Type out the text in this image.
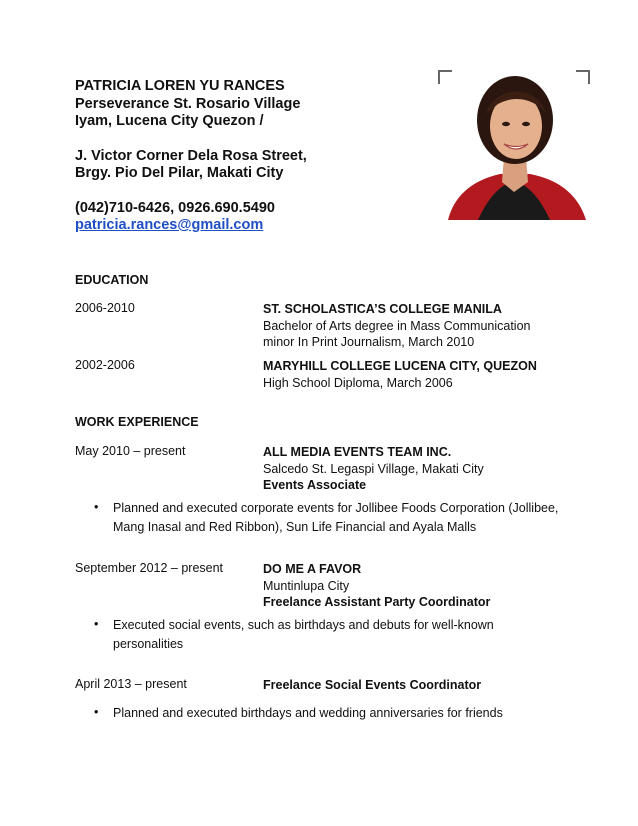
PATRICIA LOREN YU RANCES
Perseverance St. Rosario Village
Iyam, Lucena City Quezon /
J. Victor Corner Dela Rosa Street,
Brgy. Pio Del Pilar, Makati City
(042)710-6426, 0926.690.5490
patricia.rances@gmail.com
EDUCATION
2006-2010	ST. SCHOLASTICA’S COLLEGE MANILA
Bachelor of Arts degree in Mass Communication
minor In Print Journalism, March 2010
2002-2006	MARYHILL COLLEGE LUCENA CITY, QUEZON
High School Diploma, March 2006
WORK EXPERIENCE
May 2010 – present	ALL MEDIA EVENTS TEAM INC.
Salcedo St. Legaspi Village, Makati City
Events Associate
• Planned and executed corporate events for Jollibee Foods Corporation (Jollibee,
Mang Inasal and Red Ribbon), Sun Life Financial and Ayala Malls
September 2012 – present	DO ME A FAVOR
Muntinlupa City
Freelance Assistant Party Coordinator
• Executed social events, such as birthdays and debuts for well-known
personalities
April 2013 – present	Freelance Social Events Coordinator
• Planned and executed birthdays and wedding anniversaries for friends
